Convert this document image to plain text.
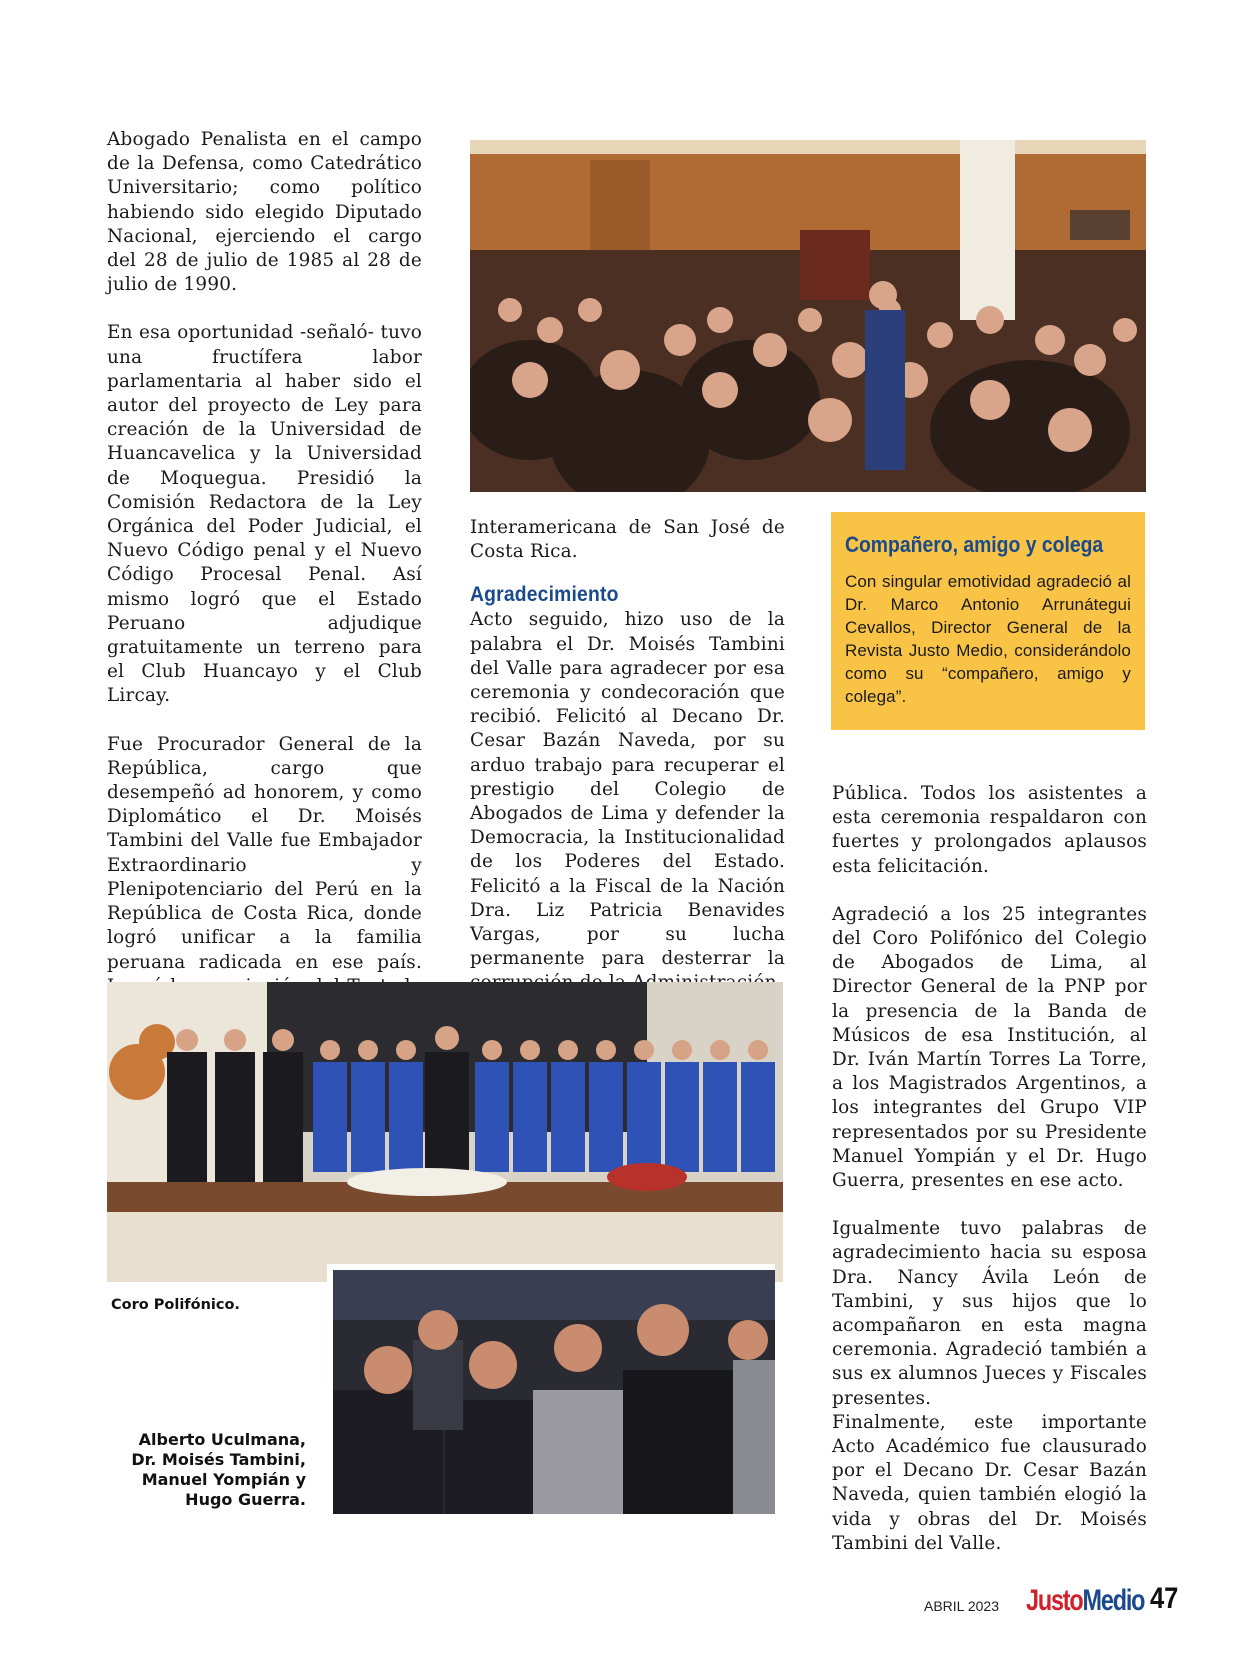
Abogado Penalista en el campo de la Defensa, como Catedrático Universitario; como político habiendo sido elegido Diputado Nacional, ejerciendo el cargo del 28 de julio de 1985 al 28 de julio de 1990.

En esa oportunidad -señaló- tuvo una fructífera labor parlamentaria al haber sido el autor del proyecto de Ley para creación de la Universidad de Huancavelica y la Universidad de Moquegua. Presidió la Comisión Redactora de la Ley Orgánica del Poder Judicial, el Nuevo Código penal y el Nuevo Código Procesal Penal. Así mismo logró que el Estado Peruano adjudique gratuitamente un terreno para el Club Huancayo y el Club Lircay.

Fue Procurador General de la República, cargo que desempeñó ad honorem, y como Diplomático el Dr. Moisés Tambini del Valle fue Embajador Extraordinario y Plenipotenciario del Perú en la República de Costa Rica, donde logró unificar a la familia peruana radicada en ese país.

Interamericana de San José de Costa Rica.

Agradecimiento

Acto seguido, hizo uso de la palabra el Dr. Moisés Tambini del Valle para agradecer por esa ceremonia y condecoración que recibió. Felicitó al Decano Dr. Cesar Bazán Naveda, por su arduo trabajo para recuperar el prestigio del Colegio de Abogados de Lima y defender la Democracia, la Institucionalidad de los Poderes del Estado. Felicitó a la Fiscal de la Nación Dra. Liz Patricia Benavides Vargas, por su lucha permanente para desterrar la

Compañero, amigo y colega

Con singular emotividad agradeció al Dr. Marco Antonio Arrunátegui Cevallos, Director General de la Revista Justo Medio, considerándolo como su “compañero, amigo y colega”.

Pública. Todos los asistentes a esta ceremonia respaldaron con fuertes y prolongados aplausos esta felicitación.

Agradeció a los 25 integrantes del Coro Polifónico del Colegio de Abogados de Lima, al Director General de la PNP por la presencia de la Banda de Músicos de esa Institución, al Dr. Iván Martín Torres La Torre, a los Magistrados Argentinos, a los integrantes del Grupo VIP representados por su Presidente Manuel Yompián y el Dr. Hugo Guerra, presentes en ese acto.

Igualmente tuvo palabras de agradecimiento hacia su esposa Dra. Nancy Ávila León de Tambini, y sus hijos que lo acompañaron en esta magna ceremonia. Agradeció también a sus ex alumnos Jueces y Fiscales presentes.

Finalmente, este importante Acto Académico fue clausurado por el Decano Dr. Cesar Bazán Naveda, quien también elogió la vida y obras del Dr. Moisés Tambini del Valle.

Coro Polifónico.
Alberto Uculmana,
Dr. Moisés Tambini,
Manuel Yompián y
Hugo Guerra.
ABRIL 2023 JustoMedio 47
